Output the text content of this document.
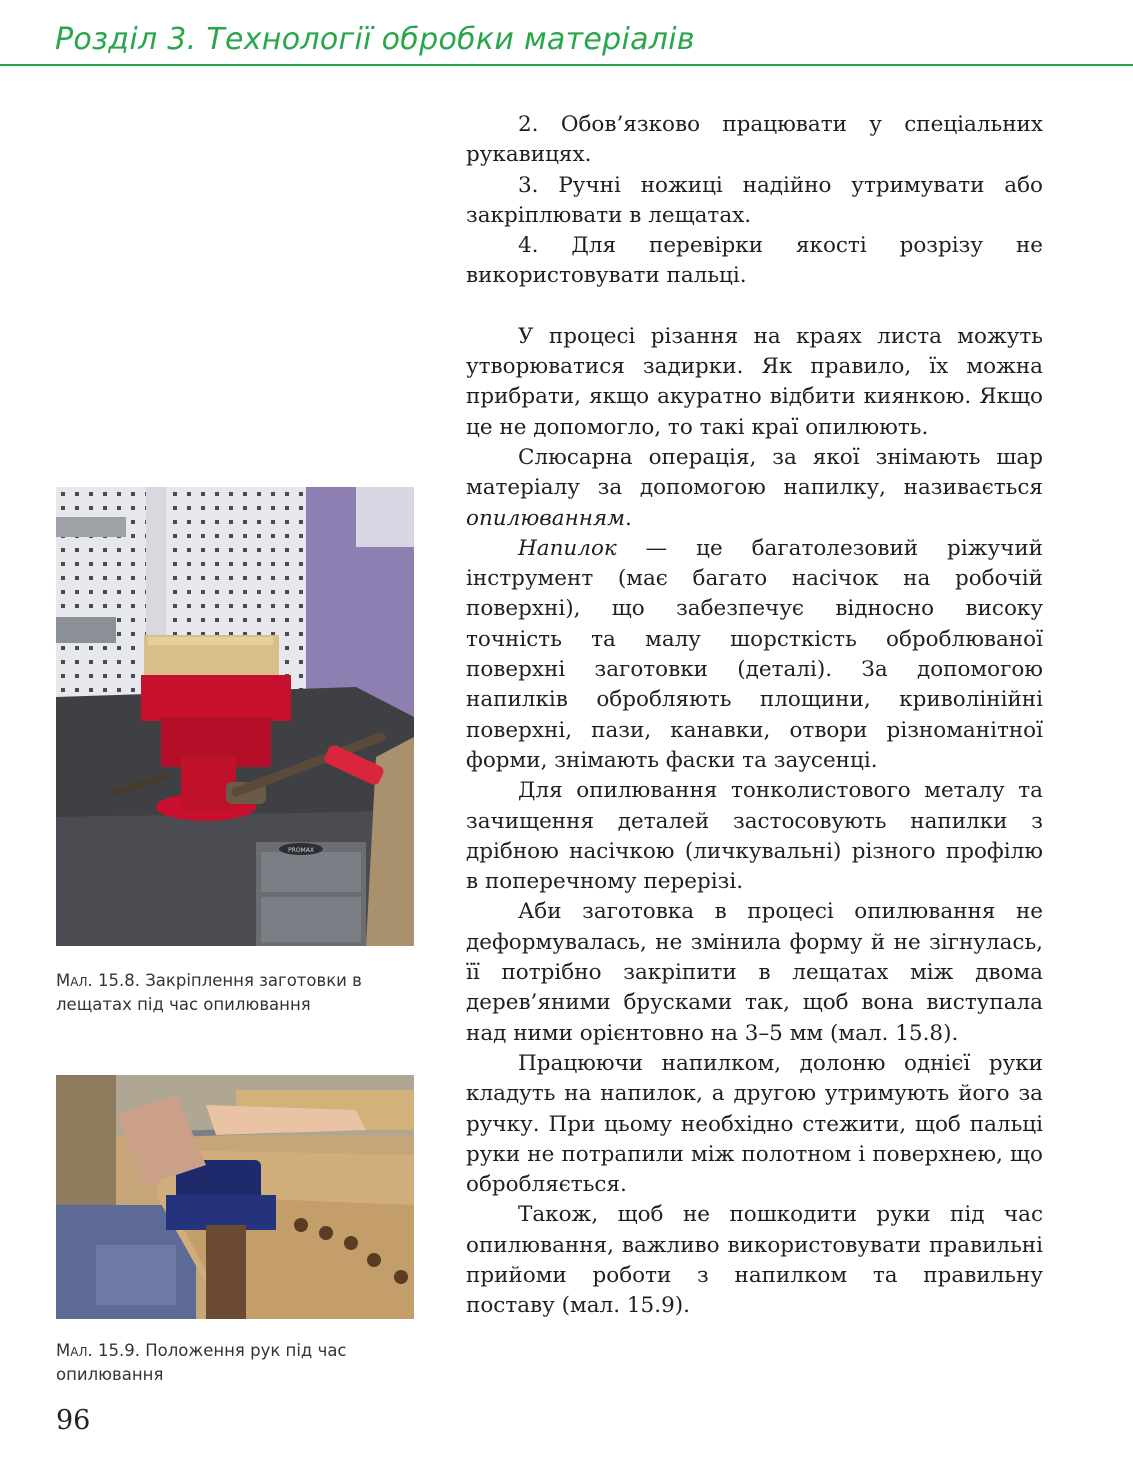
Розділ 3. Технології обробки матеріалів

2. Обов’язково працювати у спеціальних рукавицях.

3. Ручні ножиці надійно утримувати або закріплювати в лещатах.

4. Для перевірки якості розрізу не використовувати пальці.

У процесі різання на краях листа можуть утворюватися задирки. Як правило, їх можна прибрати, якщо акуратно відбити киянкою. Якщо це не допомогло, то такі краї опилюють.

Слюсарна операція, за якої знімають шар матеріалу за допомогою напилку, називається опилюванням.

Напилок — це багатолезовий ріжучий інструмент (має багато насічок на робочій поверхні), що забезпечує відносно високу точність та малу шорсткість оброблюваної поверхні заготовки (деталі). За допомогою напилків обробляють площини, криволінійні поверхні, пази, канавки, отвори різноманітної форми, знімають фаски та заусенці.

Для опилювання тонколистового металу та зачищення деталей застосовують напилки з дрібною насічкою (личкувальні) різного профілю в поперечному перерізі.

Аби заготовка в процесі опилювання не деформувалась, не змінила форму й не зігнулась, її потрібно закріпити в лещатах між двома дерев’яними брусками так, щоб вона виступала над ними орієнтовно на 3–5 мм (мал. 15.8).

Працюючи напилком, долоню однієї руки кладуть на напилок, а другою утримують його за ручку. При цьому необхідно стежити, щоб пальці руки не потрапили між полотном і поверхнею, що обробляється.

Також, щоб не пошкодити руки під час опилювання, важливо використовувати правильні прийоми роботи з напилком та правильну поставу (мал. 15.9).

PROMAX
Мал. 15.8. Закріплення заготовки в лещатах під час опилювання
Мал. 15.9. Положення рук під час опилювання
96
